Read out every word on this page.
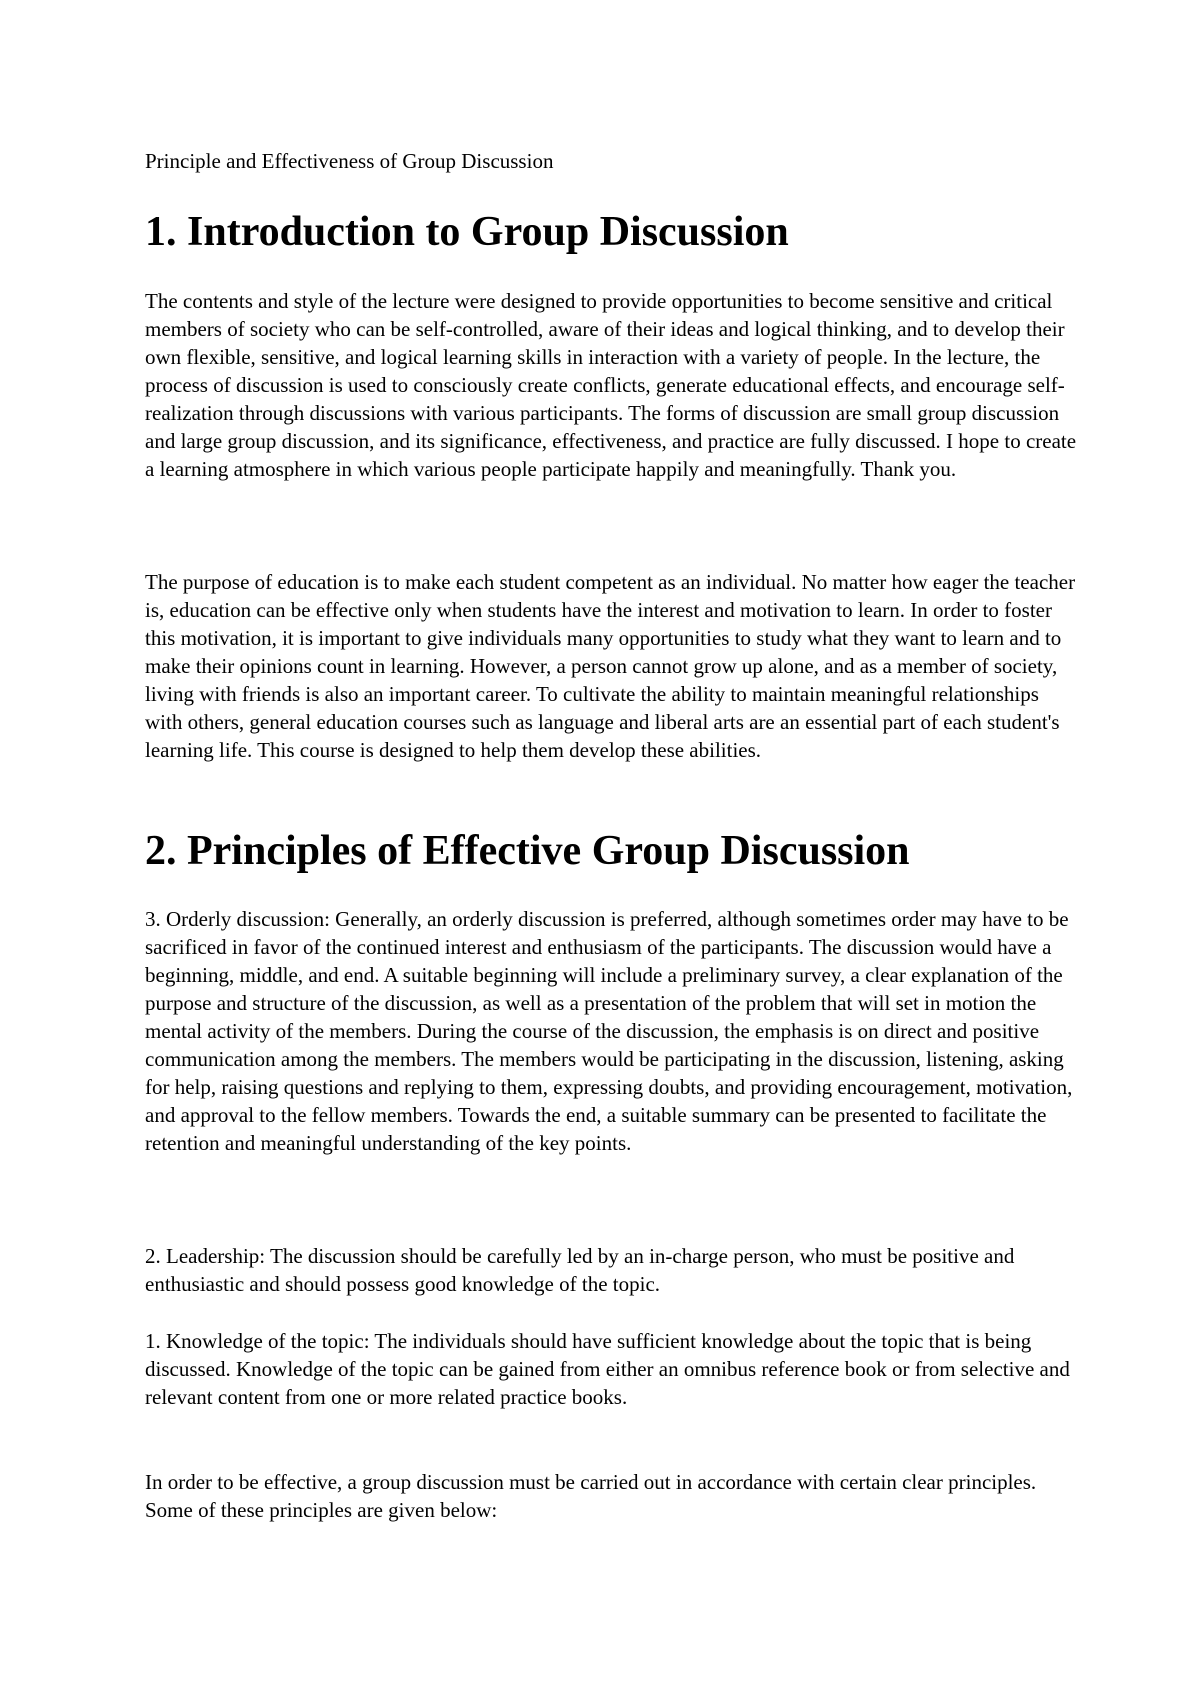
Principle and Effectiveness of Group Discussion

1. Introduction to Group Discussion

The contents and style of the lecture were designed to provide opportunities to become sensitive and critical members of society who can be self-controlled, aware of their ideas and logical thinking, and to develop their own flexible, sensitive, and logical learning skills in interaction with a variety of people. In the lecture, the process of discussion is used to consciously create conflicts, generate educational effects, and encourage self-realization through discussions with various participants. The forms of discussion are small group discussion and large group discussion, and its significance, effectiveness, and practice are fully discussed. I hope to create a learning atmosphere in which various people participate happily and meaningfully. Thank you.

The purpose of education is to make each student competent as an individual. No matter how eager the teacher is, education can be effective only when students have the interest and motivation to learn. In order to foster this motivation, it is important to give individuals many opportunities to study what they want to learn and to make their opinions count in learning. However, a person cannot grow up alone, and as a member of society, living with friends is also an important career. To cultivate the ability to maintain meaningful relationships with others, general education courses such as language and liberal arts are an essential part of each student's learning life. This course is designed to help them develop these abilities.

2. Principles of Effective Group Discussion

3. Orderly discussion: Generally, an orderly discussion is preferred, although sometimes order may have to be sacrificed in favor of the continued interest and enthusiasm of the participants. The discussion would have a beginning, middle, and end. A suitable beginning will include a preliminary survey, a clear explanation of the purpose and structure of the discussion, as well as a presentation of the problem that will set in motion the mental activity of the members. During the course of the discussion, the emphasis is on direct and positive communication among the members. The members would be participating in the discussion, listening, asking for help, raising questions and replying to them, expressing doubts, and providing encouragement, motivation, and approval to the fellow members. Towards the end, a suitable summary can be presented to facilitate the retention and meaningful understanding of the key points.

2. Leadership: The discussion should be carefully led by an in-charge person, who must be positive and enthusiastic and should possess good knowledge of the topic.

1. Knowledge of the topic: The individuals should have sufficient knowledge about the topic that is being discussed. Knowledge of the topic can be gained from either an omnibus reference book or from selective and relevant content from one or more related practice books.

In order to be effective, a group discussion must be carried out in accordance with certain clear principles. Some of these principles are given below:
